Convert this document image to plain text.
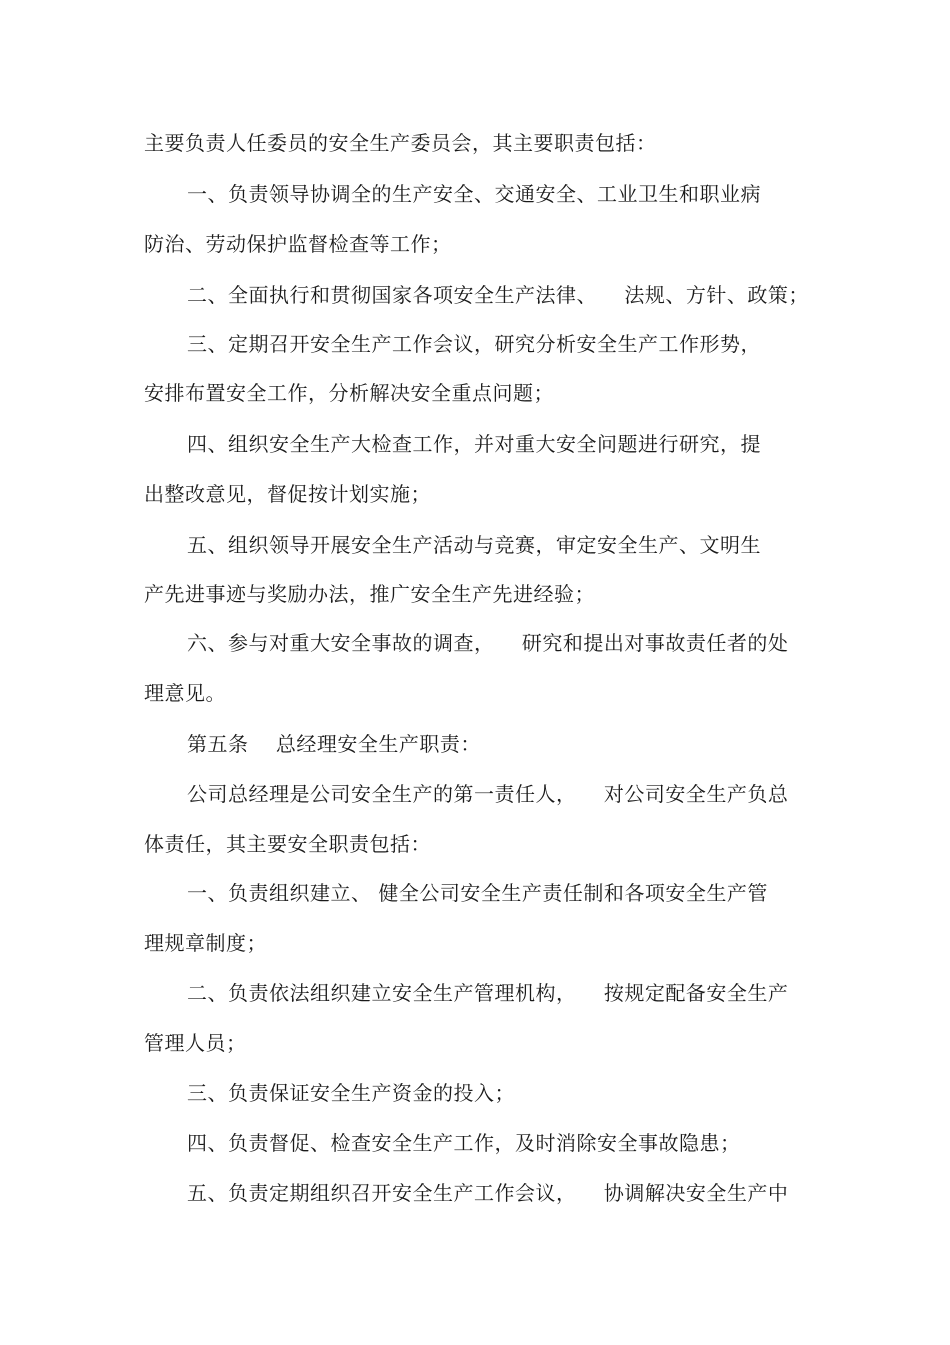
主要负责人任委员的安全生产委员会，其主要职责包括：
一、负责领导协调全的生产安全、交通安全、工业卫生和职业病
防治、劳动保护监督检查等工作；
二、全面执行和贯彻国家各项安全生产法律、    法规、方针、政策；
三、定期召开安全生产工作会议，研究分析安全生产工作形势，
安排布置安全工作，分析解决安全重点问题；
四、组织安全生产大检查工作，并对重大安全问题进行研究，提
出整改意见，督促按计划实施；
五、组织领导开展安全生产活动与竞赛，审定安全生产、文明生
产先进事迹与奖励办法，推广安全生产先进经验；
六、参与对重大安全事故的调查，    研究和提出对事故责任者的处
理意见。
第五条    总经理安全生产职责：
公司总经理是公司安全生产的第一责任人，    对公司安全生产负总
体责任，其主要安全职责包括：
一、负责组织建立、 健全公司安全生产责任制和各项安全生产管
理规章制度；
二、负责依法组织建立安全生产管理机构，    按规定配备安全生产
管理人员；
三、负责保证安全生产资金的投入；
四、负责督促、检查安全生产工作，及时消除安全事故隐患；
五、负责定期组织召开安全生产工作会议，    协调解决安全生产中
